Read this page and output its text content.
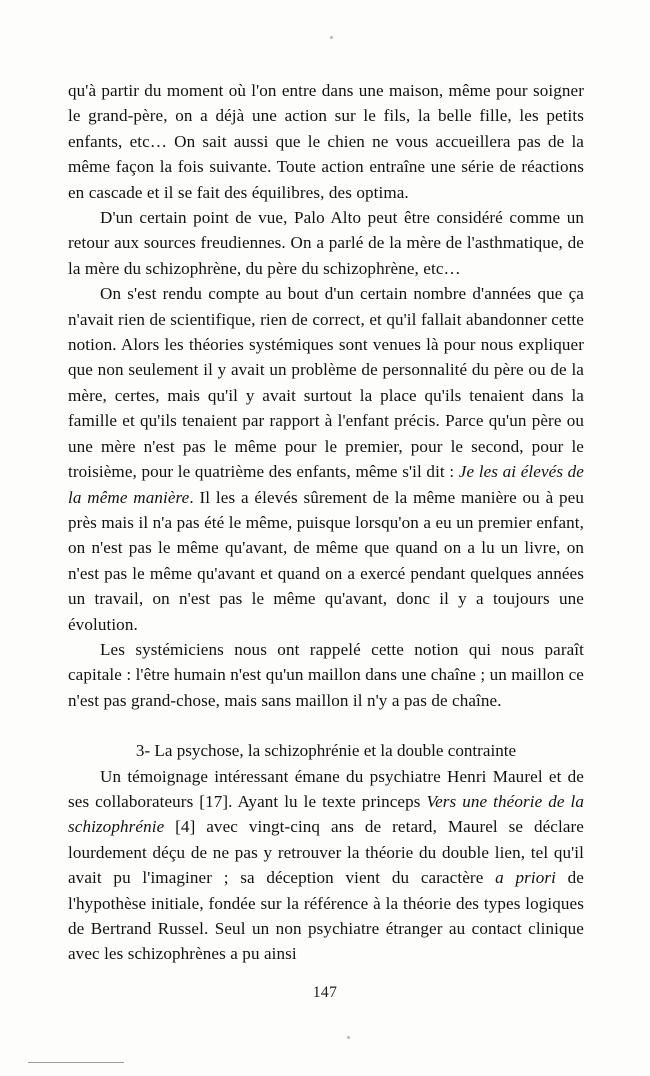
qu'à partir du moment où l'on entre dans une maison, même pour soigner le grand-père, on a déjà une action sur le fils, la belle fille, les petits enfants, etc… On sait aussi que le chien ne vous accueillera pas de la même façon la fois suivante. Toute action entraîne une série de réactions en cascade et il se fait des équilibres, des optima.

D'un certain point de vue, Palo Alto peut être considéré comme un retour aux sources freudiennes. On a parlé de la mère de l'asthmatique, de la mère du schizophrène, du père du schizophrène, etc…

On s'est rendu compte au bout d'un certain nombre d'années que ça n'avait rien de scientifique, rien de correct, et qu'il fallait abandonner cette notion. Alors les théories systémiques sont venues là pour nous expliquer que non seulement il y avait un problème de personnalité du père ou de la mère, certes, mais qu'il y avait surtout la place qu'ils tenaient dans la famille et qu'ils tenaient par rapport à l'enfant précis. Parce qu'un père ou une mère n'est pas le même pour le premier, pour le second, pour le troisième, pour le quatrième des enfants, même s'il dit : Je les ai élevés de la même manière. Il les a élevés sûrement de la même manière ou à peu près mais il n'a pas été le même, puisque lorsqu'on a eu un premier enfant, on n'est pas le même qu'avant, de même que quand on a lu un livre, on n'est pas le même qu'avant et quand on a exercé pendant quelques années un travail, on n'est pas le même qu'avant, donc il y a toujours une évolution.

Les systémiciens nous ont rappelé cette notion qui nous paraît capitale : l'être humain n'est qu'un maillon dans une chaîne ; un maillon ce n'est pas grand-chose, mais sans maillon il n'y a pas de chaîne.

3- La psychose, la schizophrénie et la double contrainte

Un témoignage intéressant émane du psychiatre Henri Maurel et de ses collaborateurs [17]. Ayant lu le texte princeps Vers une théorie de la schizophrénie [4] avec vingt-cinq ans de retard, Maurel se déclare lourdement déçu de ne pas y retrouver la théorie du double lien, tel qu'il avait pu l'imaginer ; sa déception vient du caractère a priori de l'hypothèse initiale, fondée sur la référence à la théorie des types logiques de Bertrand Russel. Seul un non psychiatre étranger au contact clinique avec les schizophrènes a pu ainsi

147
